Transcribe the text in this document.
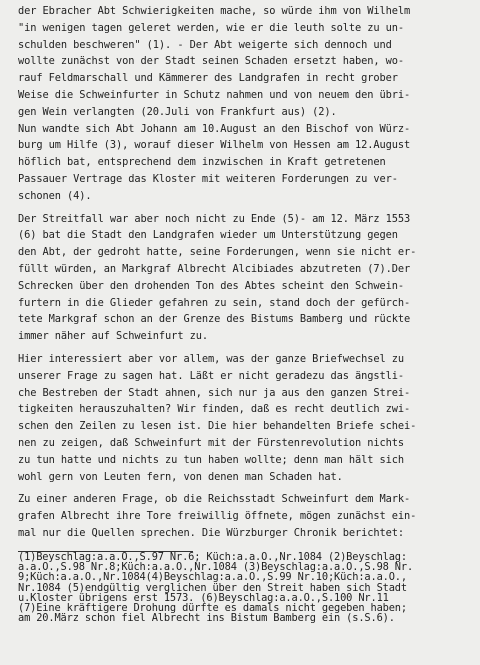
der Ebracher Abt Schwierigkeiten mache, so würde ihm von Wilhelm
"in wenigen tagen geleret werden, wie er die leuth solte zu un-
schulden beschweren" (1). - Der Abt weigerte sich dennoch und
wollte zunächst von der Stadt seinen Schaden ersetzt haben, wo-
rauf Feldmarschall und Kämmerer des Landgrafen in recht grober
Weise die Schweinfurter in Schutz nahmen und von neuem den übri-
gen Wein verlangten (20.Juli von Frankfurt aus) (2).
Nun wandte sich Abt Johann am 10.August an den Bischof von Würz-
burg um Hilfe (3), worauf dieser Wilhelm von Hessen am 12.August
höflich bat, entsprechend dem inzwischen in Kraft getretenen
Passauer Vertrage das Kloster mit weiteren Forderungen zu ver-
schonen (4).
Der Streitfall war aber noch nicht zu Ende (5)- am 12. März 1553
(6) bat die Stadt den Landgrafen wieder um Unterstützung gegen
den Abt, der gedroht hatte, seine Forderungen, wenn sie nicht er-
füllt würden, an Markgraf Albrecht Alcibiades abzutreten (7).Der
Schrecken über den drohenden Ton des Abtes scheint den Schwein-
furtern in die Glieder gefahren zu sein, stand doch der gefürch-
tete Markgraf schon an der Grenze des Bistums Bamberg und rückte
immer näher auf Schweinfurt zu.
Hier interessiert aber vor allem, was der ganze Briefwechsel zu
unserer Frage zu sagen hat. Läßt er nicht geradezu das ängstli-
che Bestreben der Stadt ahnen, sich nur ja aus den ganzen Strei-
tigkeiten herauszuhalten? Wir finden, daß es recht deutlich zwi-
schen den Zeilen zu lesen ist. Die hier behandelten Briefe schei-
nen zu zeigen, daß Schweinfurt mit der Fürstenrevolution nichts
zu tun hatte und nichts zu tun haben wollte; denn man hält sich
wohl gern von Leuten fern, von denen man Schaden hat.
Zu einer anderen Frage, ob die Reichsstadt Schweinfurt dem Mark-
grafen Albrecht ihre Tore freiwillig öffnete, mögen zunächst ein-
mal nur die Quellen sprechen. Die Würzburger Chronik berichtet:
(1)Beyschlag:a.a.O.,S.97 Nr.6; Küch:a.a.O.,Nr.1084 (2)Beyschlag:
a.a.O.,S.98 Nr.8;Küch:a.a.O.,Nr.1084 (3)Beyschlag:a.a.O.,S.98 Nr.
9;Küch:a.a.O.,Nr.1084(4)Beyschlag:a.a.O.,S.99 Nr.10;Küch:a.a.O.,
Nr.1084 (5)endgültig verglichen über den Streit haben sich Stadt
u.Kloster übrigens erst 1573. (6)Beyschlag:a.a.O.,S.100 Nr.11
(7)Eine kräftigere Drohung dürfte es damals nicht gegeben haben;
am 20.März schon fiel Albrecht ins Bistum Bamberg ein (s.S.6).
